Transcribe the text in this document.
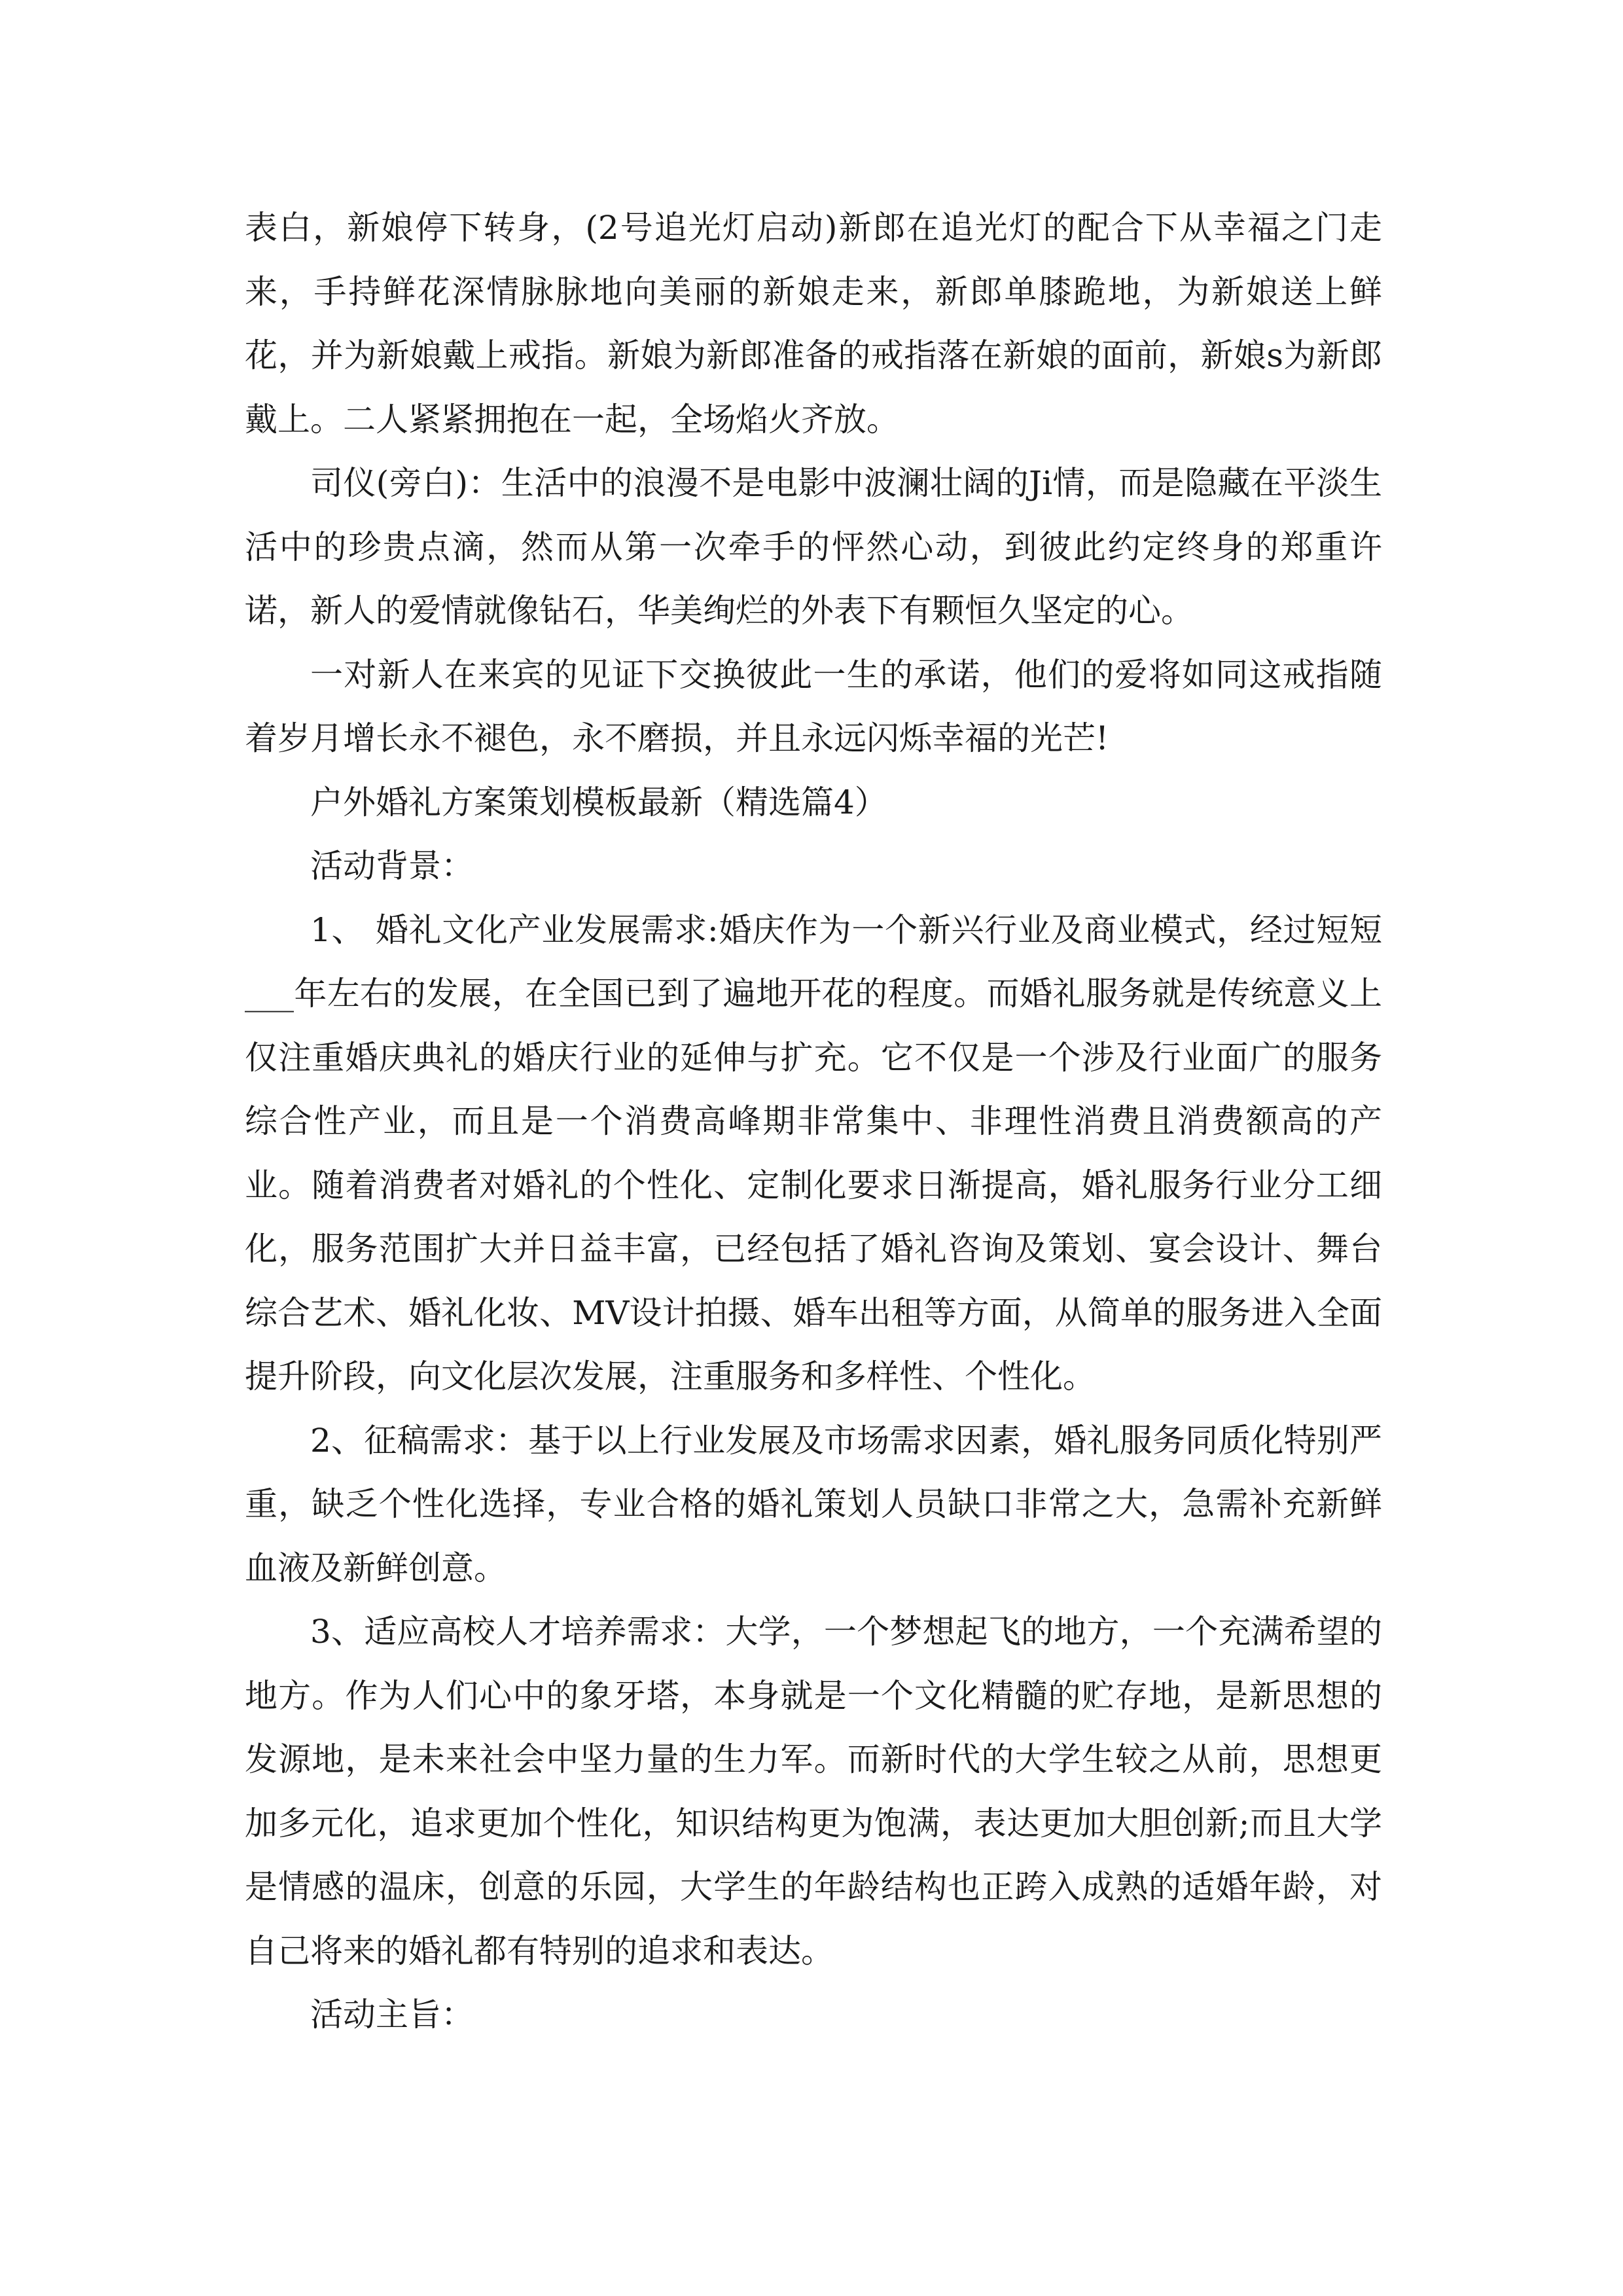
表白，新娘停下转身，(2号追光灯启动)新郎在追光灯的配合下从幸福之门走来，手持鲜花深情脉脉地向美丽的新娘走来，新郎单膝跪地，为新娘送上鲜花，并为新娘戴上戒指。新娘为新郎准备的戒指落在新娘的面前，新娘s为新郎戴上。二人紧紧拥抱在一起，全场焰火齐放。

司仪(旁白)：生活中的浪漫不是电影中波澜壮阔的Ji情，而是隐藏在平淡生活中的珍贵点滴，然而从第一次牵手的怦然心动，到彼此约定终身的郑重许诺，新人的爱情就像钻石，华美绚烂的外表下有颗恒久坚定的心。

一对新人在来宾的见证下交换彼此一生的承诺，他们的爱将如同这戒指随着岁月增长永不褪色，永不磨损，并且永远闪烁幸福的光芒!

户外婚礼方案策划模板最新（精选篇4）

活动背景：

1、 婚礼文化产业发展需求:婚庆作为一个新兴行业及商业模式，经过短短___年左右的发展，在全国已到了遍地开花的程度。而婚礼服务就是传统意义上仅注重婚庆典礼的婚庆行业的延伸与扩充。它不仅是一个涉及行业面广的服务综合性产业，而且是一个消费高峰期非常集中、非理性消费且消费额高的产业。随着消费者对婚礼的个性化、定制化要求日渐提高，婚礼服务行业分工细化，服务范围扩大并日益丰富，已经包括了婚礼咨询及策划、宴会设计、舞台综合艺术、婚礼化妆、MV设计拍摄、婚车出租等方面，从简单的服务进入全面提升阶段，向文化层次发展，注重服务和多样性、个性化。

2、征稿需求：基于以上行业发展及市场需求因素，婚礼服务同质化特别严重，缺乏个性化选择，专业合格的婚礼策划人员缺口非常之大，急需补充新鲜血液及新鲜创意。

3、适应高校人才培养需求：大学，一个梦想起飞的地方，一个充满希望的地方。作为人们心中的象牙塔，本身就是一个文化精髓的贮存地，是新思想的发源地，是未来社会中坚力量的生力军。而新时代的大学生较之从前，思想更加多元化，追求更加个性化，知识结构更为饱满，表达更加大胆创新;而且大学是情感的温床，创意的乐园，大学生的年龄结构也正跨入成熟的适婚年龄，对自己将来的婚礼都有特别的追求和表达。

活动主旨：
